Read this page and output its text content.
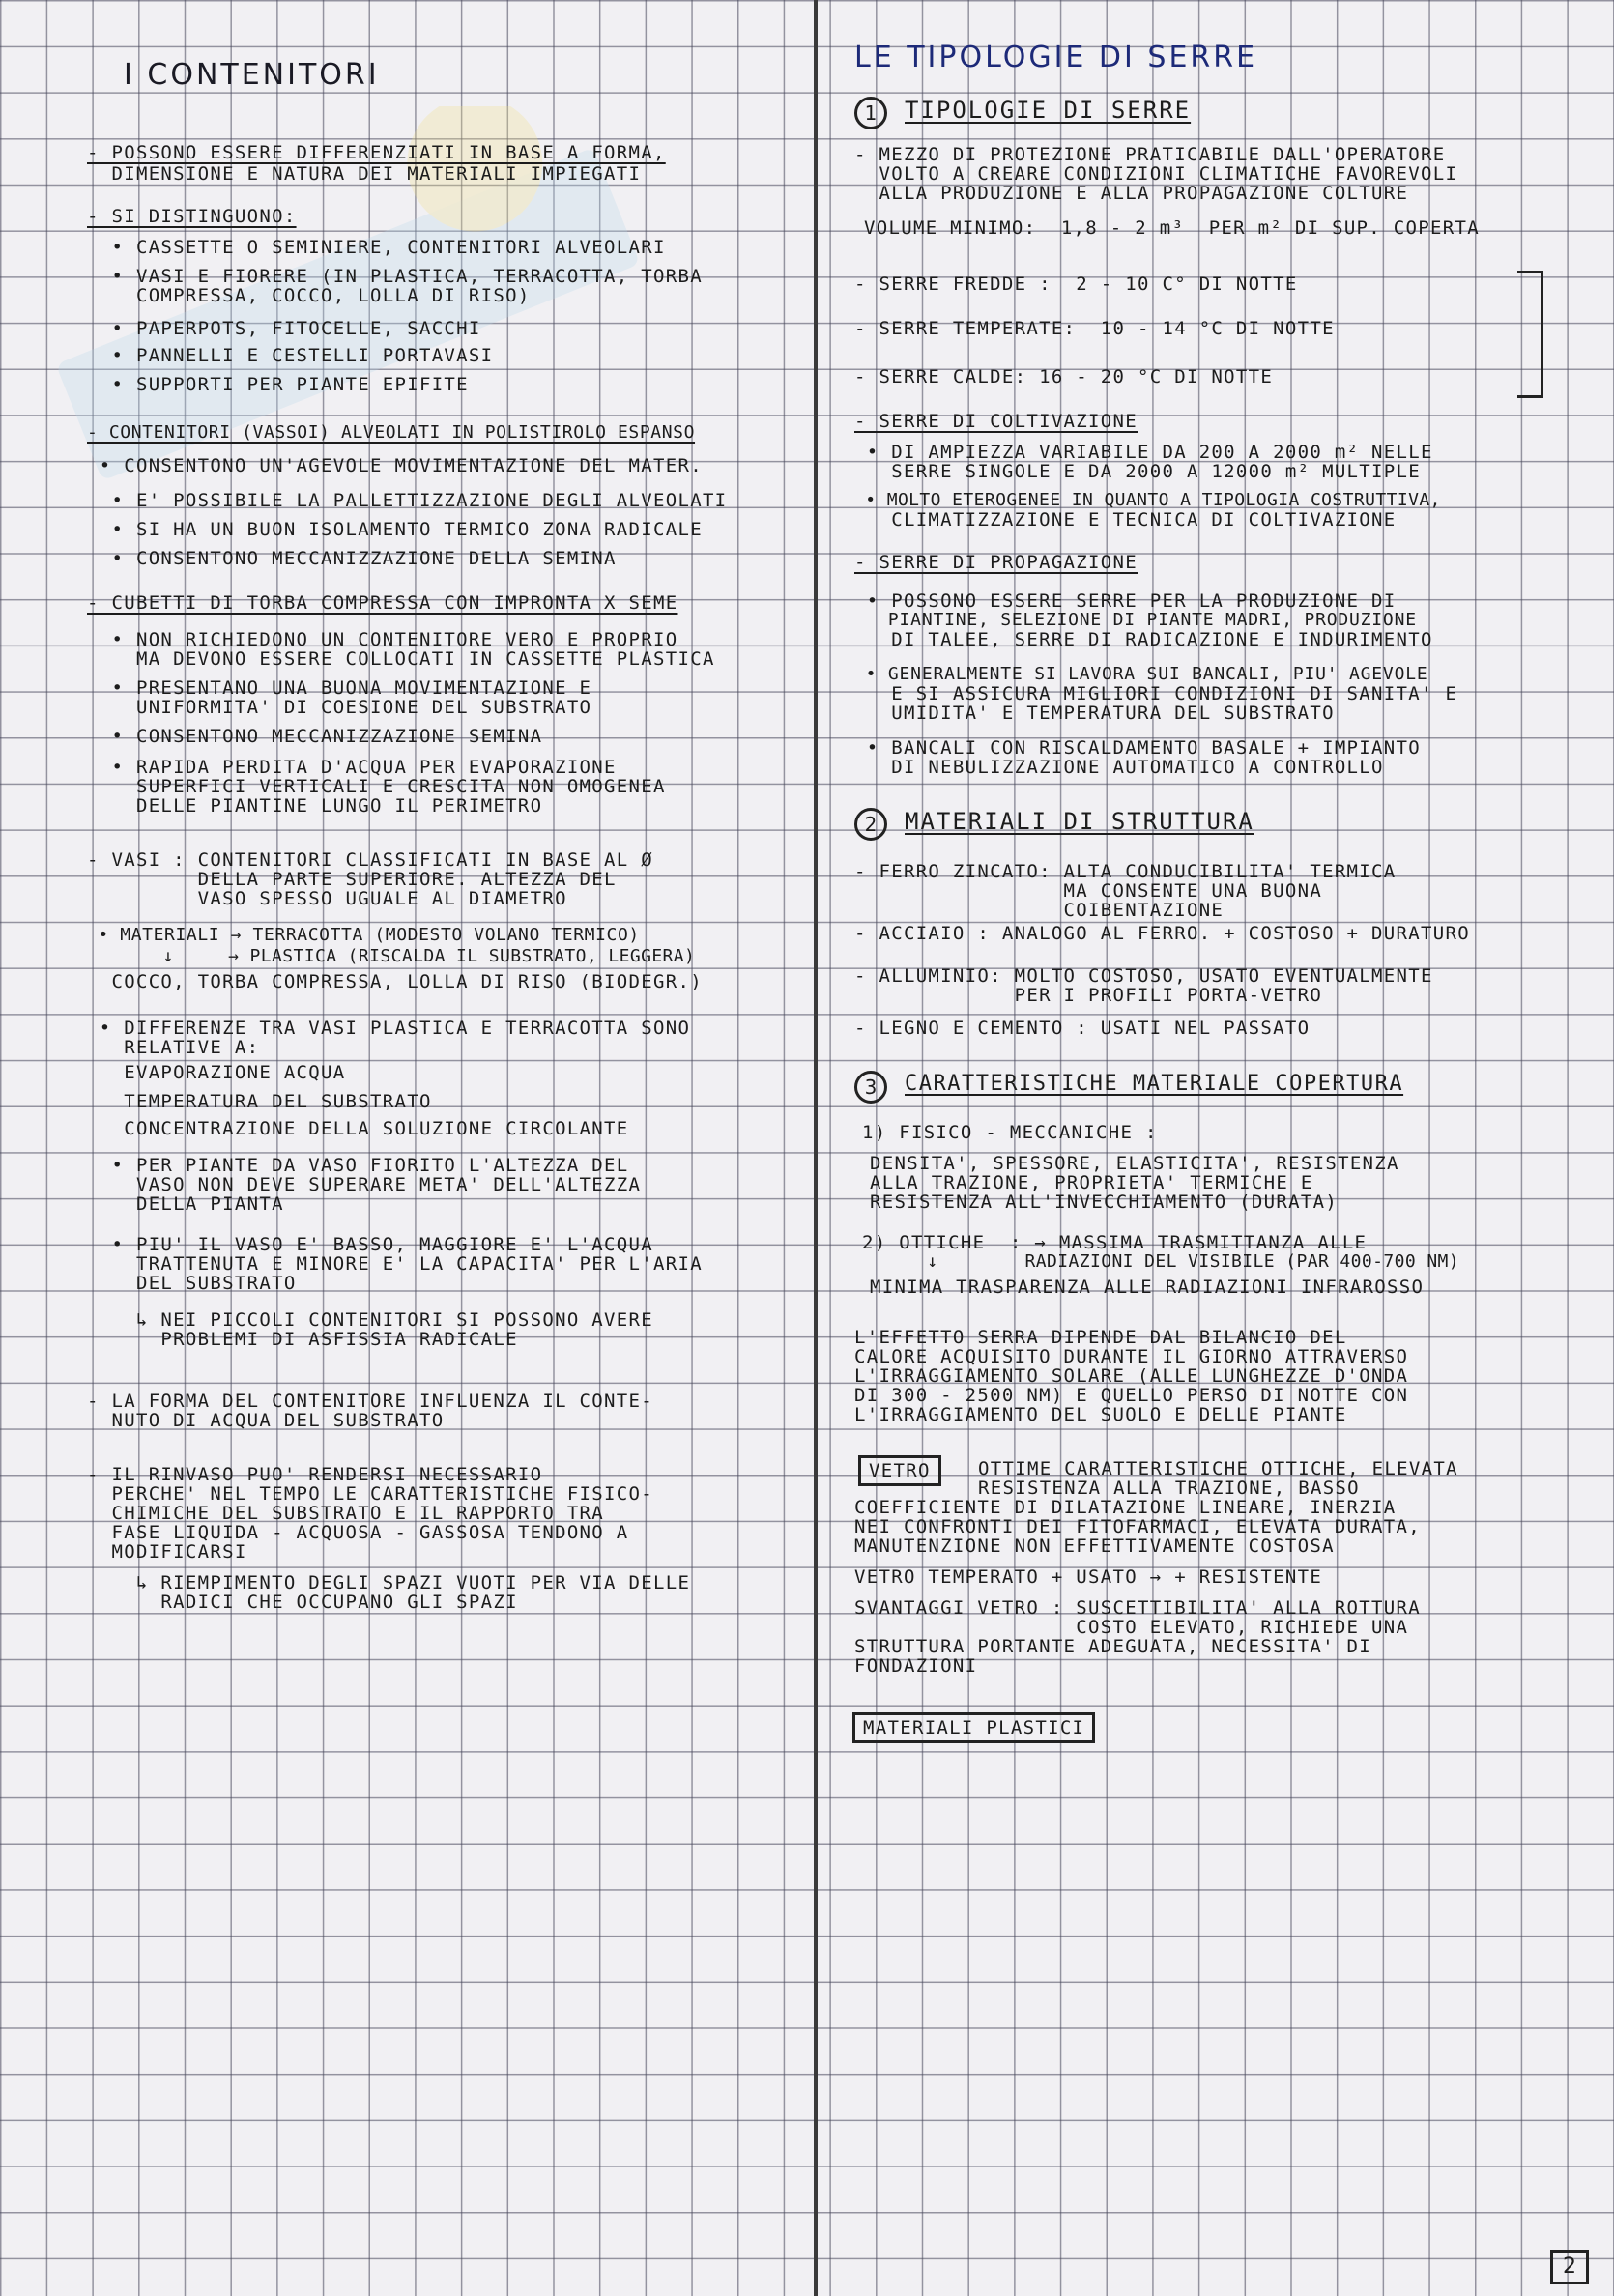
I CONTENITORI
- POSSONO ESSERE DIFFERENZIATI IN BASE A FORMA,
DIMENSIONE E NATURA DEI MATERIALI IMPIEGATI
- SI DISTINGUONO:
• CASSETTE O SEMINIERE, CONTENITORI ALVEOLARI
• VASI E FIORERE (IN PLASTICA, TERRACOTTA, TORBA
COMPRESSA, COCCO, LOLLA DI RISO)
• PAPERPOTS, FITOCELLE, SACCHI
• PANNELLI E CESTELLI PORTAVASI
• SUPPORTI PER PIANTE EPIFITE
- CONTENITORI (VASSOI) ALVEOLATI IN POLISTIROLO ESPANSO
• CONSENTONO UN'AGEVOLE MOVIMENTAZIONE DEL MATER.
• E' POSSIBILE LA PALLETTIZZAZIONE DEGLI ALVEOLATI
• SI HA UN BUON ISOLAMENTO TERMICO ZONA RADICALE
• CONSENTONO MECCANIZZAZIONE DELLA SEMINA
- CUBETTI DI TORBA COMPRESSA CON IMPRONTA X SEME
• NON RICHIEDONO UN CONTENITORE VERO E PROPRIO
MA DEVONO ESSERE COLLOCATI IN CASSETTE PLASTICA
• PRESENTANO UNA BUONA MOVIMENTAZIONE E
UNIFORMITA' DI COESIONE DEL SUBSTRATO
• CONSENTONO MECCANIZZAZIONE SEMINA
• RAPIDA PERDITA D'ACQUA PER EVAPORAZIONE
SUPERFICI VERTICALI E CRESCITA NON OMOGENEA
DELLE PIANTINE LUNGO IL PERIMETRO
- VASI : CONTENITORI CLASSIFICATI IN BASE AL Ø
DELLA PARTE SUPERIORE. ALTEZZA DEL
VASO SPESSO UGUALE AL DIAMETRO
• MATERIALI → TERRACOTTA (MODESTO VOLANO TERMICO)
↓     → PLASTICA (RISCALDA IL SUBSTRATO, LEGGERA)
COCCO, TORBA COMPRESSA, LOLLA DI RISO (BIODEGR.)
• DIFFERENZE TRA VASI PLASTICA E TERRACOTTA SONO
RELATIVE A:
EVAPORAZIONE ACQUA
TEMPERATURA DEL SUBSTRATO
CONCENTRAZIONE DELLA SOLUZIONE CIRCOLANTE
• PER PIANTE DA VASO FIORITO L'ALTEZZA DEL
VASO NON DEVE SUPERARE META' DELL'ALTEZZA
DELLA PIANTA
• PIU' IL VASO E' BASSO, MAGGIORE E' L'ACQUA
TRATTENUTA E MINORE E' LA CAPACITA' PER L'ARIA
DEL SUBSTRATO
↳ NEI PICCOLI CONTENITORI SI POSSONO AVERE
PROBLEMI DI ASFISSIA RADICALE
- LA FORMA DEL CONTENITORE INFLUENZA IL CONTE-
NUTO DI ACQUA DEL SUBSTRATO
- IL RINVASO PUO' RENDERSI NECESSARIO
PERCHE' NEL TEMPO LE CARATTERISTICHE FISICO-
CHIMICHE DEL SUBSTRATO E IL RAPPORTO TRA
FASE LIQUIDA - ACQUOSA - GASSOSA TENDONO A
MODIFICARSI
↳ RIEMPIMENTO DEGLI SPAZI VUOTI PER VIA DELLE
RADICI CHE OCCUPANO GLI SPAZI
LE TIPOLOGIE DI SERRE
1	TIPOLOGIE DI SERRE
- MEZZO DI PROTEZIONE PRATICABILE DALL'OPERATORE
VOLTO A CREARE CONDIZIONI CLIMATICHE FAVOREVOLI
ALLA PRODUZIONE E ALLA PROPAGAZIONE COLTURE
VOLUME MINIMO:  1,8 - 2 m³  PER m² DI SUP. COPERTA
- SERRE FREDDE :  2 - 10 C° DI NOTTE
- SERRE TEMPERATE:  10 - 14 °C DI NOTTE
- SERRE CALDE: 16 - 20 °C DI NOTTE
- SERRE DI COLTIVAZIONE
• DI AMPIEZZA VARIABILE DA 200 A 2000 m² NELLE
SERRE SINGOLE E DA 2000 A 12000 m² MULTIPLE
• MOLTO ETEROGENEE IN QUANTO A TIPOLOGIA COSTRUTTIVA,
CLIMATIZZAZIONE E TECNICA DI COLTIVAZIONE
- SERRE DI PROPAGAZIONE
• POSSONO ESSERE SERRE PER LA PRODUZIONE DI
PIANTINE, SELEZIONE DI PIANTE MADRI, PRODUZIONE
DI TALEE, SERRE DI RADICAZIONE E INDURIMENTO
• GENERALMENTE SI LAVORA SUI BANCALI, PIU' AGEVOLE
E SI ASSICURA MIGLIORI CONDIZIONI DI SANITA' E
UMIDITA' E TEMPERATURA DEL SUBSTRATO
• BANCALI CON RISCALDAMENTO BASALE + IMPIANTO
DI NEBULIZZAZIONE AUTOMATICO A CONTROLLO
2	MATERIALI DI STRUTTURA
- FERRO ZINCATO: ALTA CONDUCIBILITA' TERMICA
MA CONSENTE UNA BUONA
COIBENTAZIONE
- ACCIAIO : ANALOGO AL FERRO. + COSTOSO + DURATURO
- ALLUMINIO: MOLTO COSTOSO, USATO EVENTUALMENTE
PER I PROFILI PORTA-VETRO
- LEGNO E CEMENTO : USATI NEL PASSATO
3	CARATTERISTICHE MATERIALE COPERTURA
1) FISICO - MECCANICHE :
DENSITA', SPESSORE, ELASTICITA', RESISTENZA
ALLA TRAZIONE, PROPRIETA' TERMICHE E
RESISTENZA ALL'INVECCHIAMENTO (DURATA)
2) OTTICHE  : → MASSIMA TRASMITTANZA ALLE
↓        RADIAZIONI DEL VISIBILE (PAR 400-700 NM)
MINIMA TRASPARENZA ALLE RADIAZIONI INFRAROSSO
L'EFFETTO SERRA DIPENDE DAL BILANCIO DEL
CALORE ACQUISITO DURANTE IL GIORNO ATTRAVERSO
L'IRRAGGIAMENTO SOLARE (ALLE LUNGHEZZE D'ONDA
DI 300 - 2500 NM) E QUELLO PERSO DI NOTTE CON
L'IRRAGGIAMENTO DEL SUOLO E DELLE PIANTE
VETRO	OTTIME CARATTERISTICHE OTTICHE, ELEVATA
RESISTENZA ALLA TRAZIONE, BASSO
COEFFICIENTE DI DILATAZIONE LINEARE, INERZIA
NEI CONFRONTI DEI FITOFARMACI, ELEVATA DURATA,
MANUTENZIONE NON EFFETTIVAMENTE COSTOSA
VETRO TEMPERATO + USATO → + RESISTENTE
SVANTAGGI VETRO : SUSCETTIBILITA' ALLA ROTTURA
COSTO ELEVATO, RICHIEDE UNA
STRUTTURA PORTANTE ADEGUATA, NECESSITA' DI
FONDAZIONI
MATERIALI PLASTICI
2
